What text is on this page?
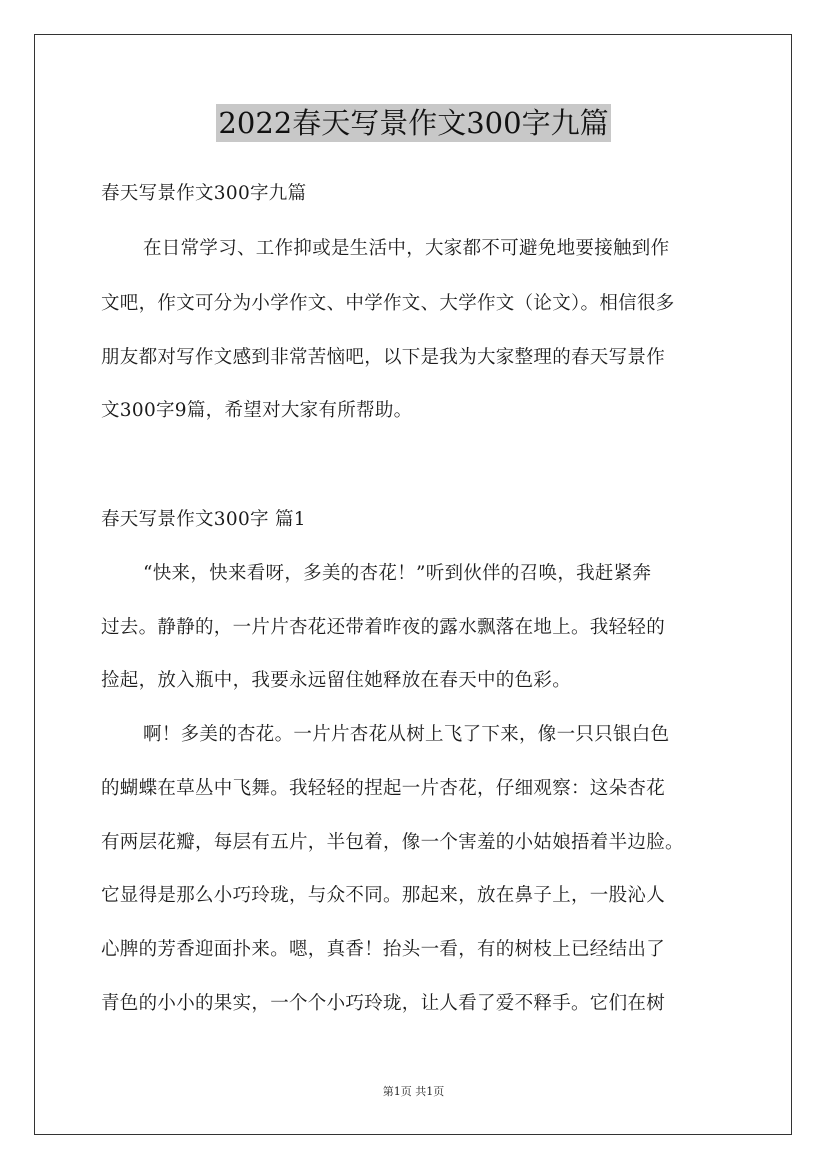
2022春天写景作文300字九篇
春天写景作文300字九篇
在日常学习、工作抑或是生活中，大家都不可避免地要接触到作
文吧，作文可分为小学作文、中学作文、大学作文（论文）。相信很多
朋友都对写作文感到非常苦恼吧，以下是我为大家整理的春天写景作
文300字9篇，希望对大家有所帮助。
春天写景作文300字 篇1
“快来，快来看呀，多美的杏花！”听到伙伴的召唤，我赶紧奔
过去。静静的，一片片杏花还带着昨夜的露水飘落在地上。我轻轻的
捡起，放入瓶中，我要永远留住她释放在春天中的色彩。
啊！多美的杏花。一片片杏花从树上飞了下来，像一只只银白色
的蝴蝶在草丛中飞舞。我轻轻的捏起一片杏花，仔细观察：这朵杏花
有两层花瓣，每层有五片，半包着，像一个害羞的小姑娘捂着半边脸。
它显得是那么小巧玲珑，与众不同。那起来，放在鼻子上，一股沁人
心脾的芳香迎面扑来。嗯，真香！抬头一看，有的树枝上已经结出了
青色的小小的果实，一个个小巧玲珑，让人看了爱不释手。它们在树
第1页 共1页
